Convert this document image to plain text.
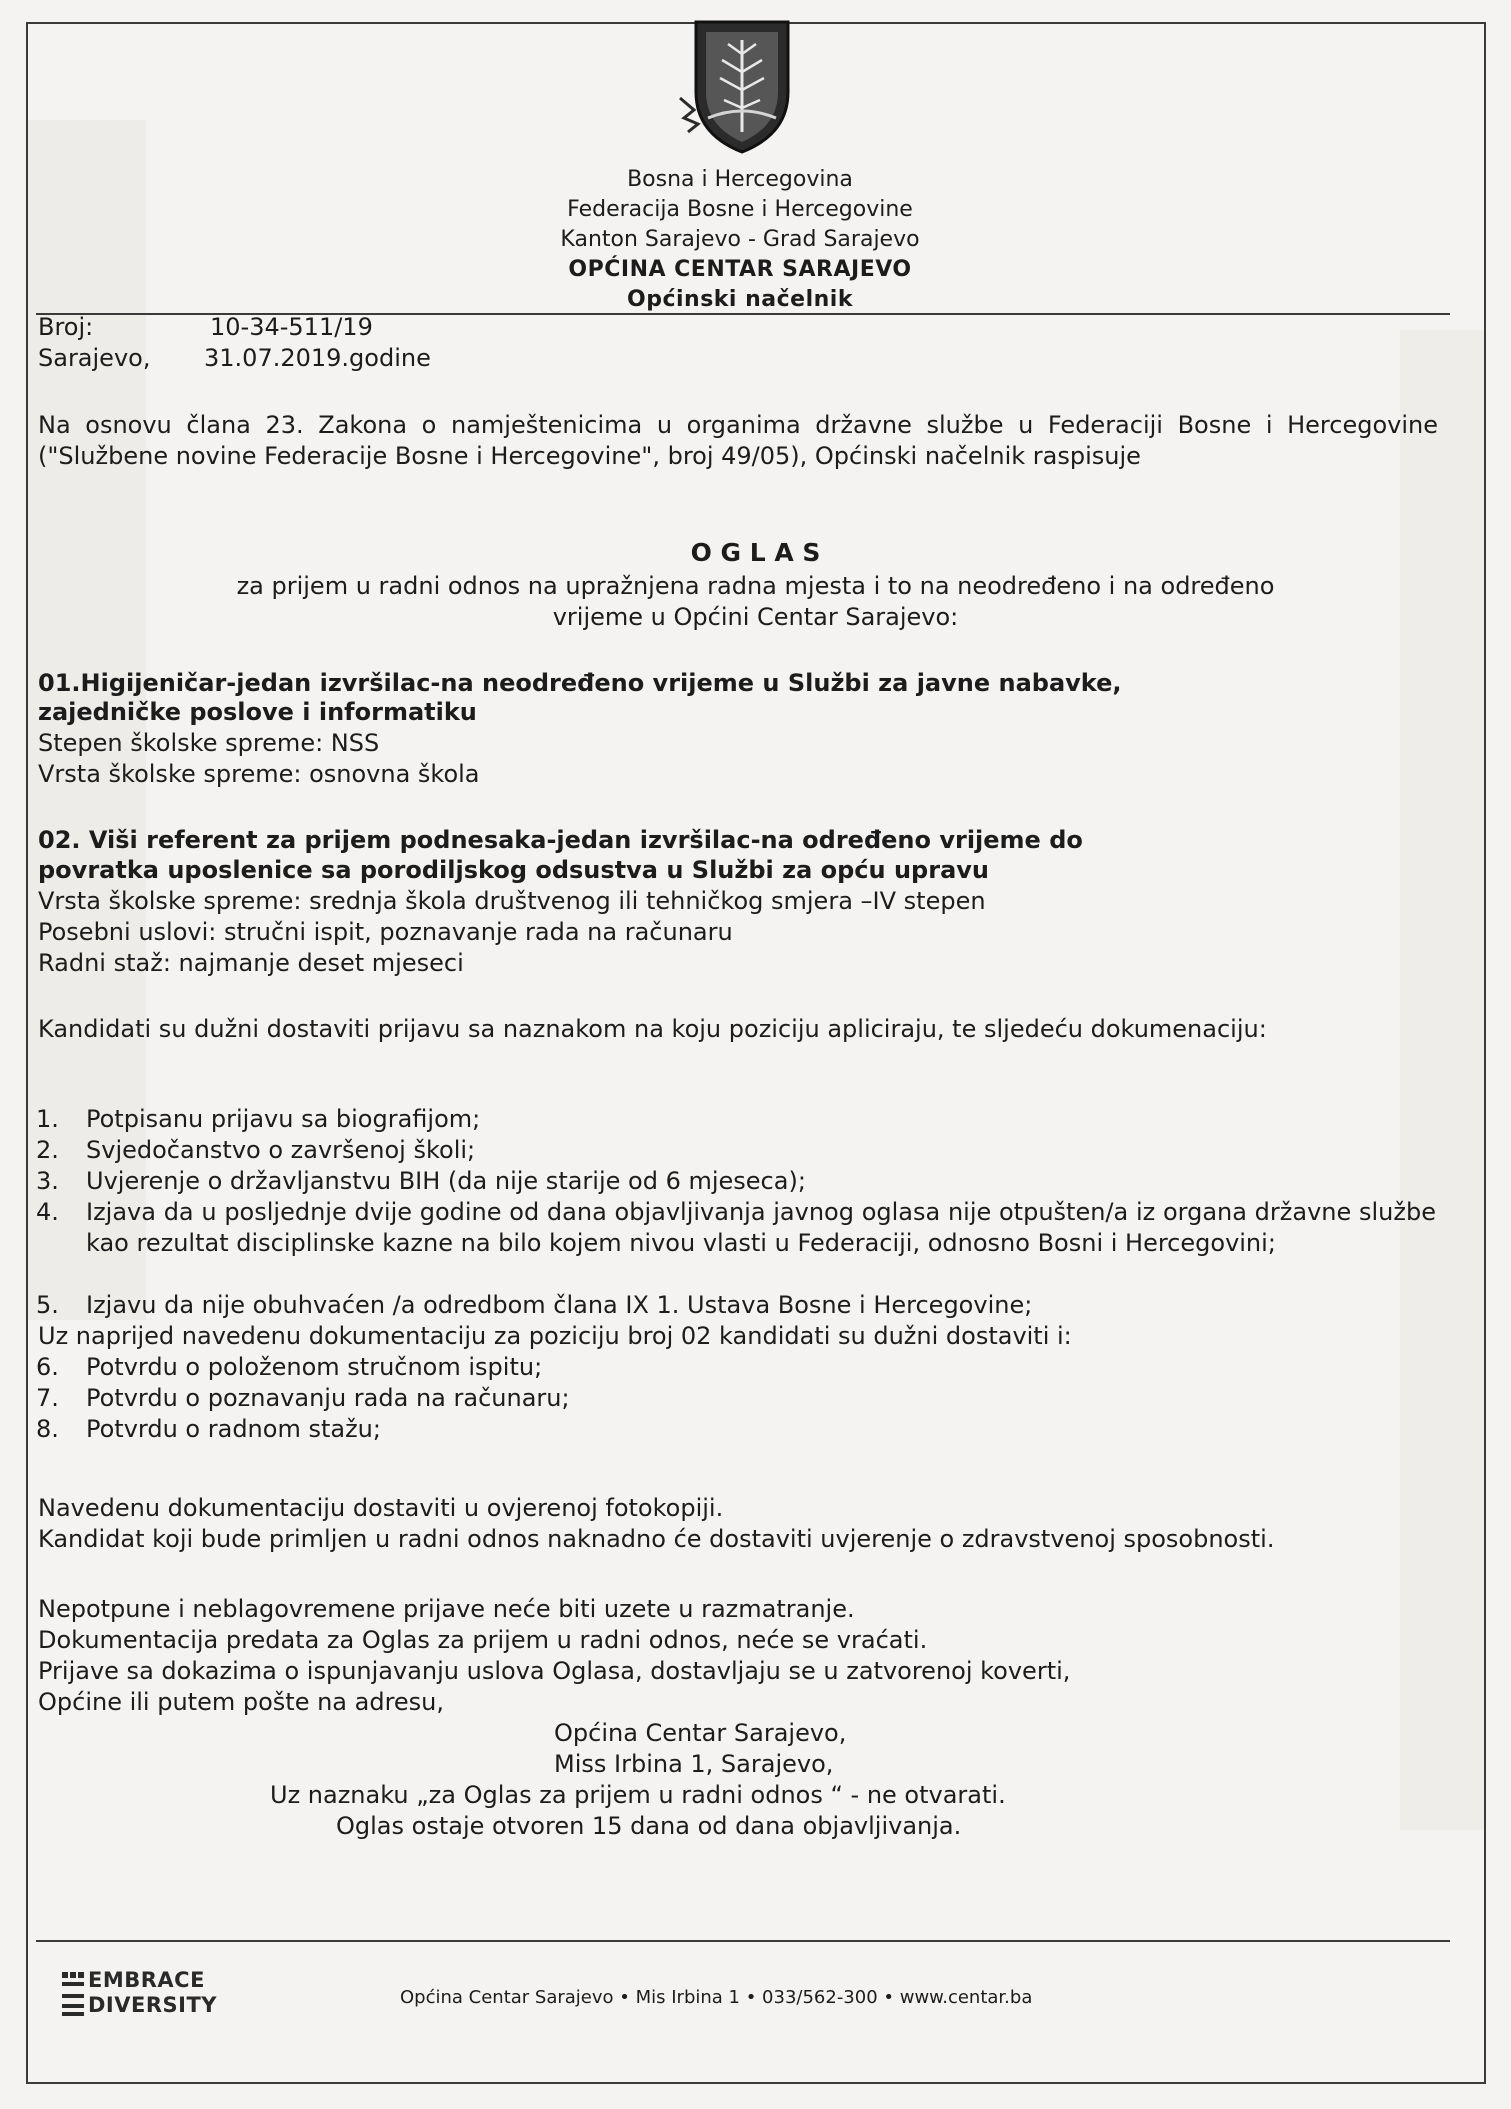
Bosna i Hercegovina
Federacija Bosne i Hercegovine
Kanton Sarajevo - Grad Sarajevo
OPĆINA CENTAR SARAJEVO
Općinski načelnik
Broj:	10-34-511/19
Sarajevo, 31.07.2019.godine
Na osnovu člana 23. Zakona o namještenicima u organima državne službe u Federaciji Bosne i Hercegovine ("Službene novine Federacije Bosne i Hercegovine", broj 49/05), Općinski načelnik raspisuje
O G L A S
za prijem u radni odnos na upražnjena radna mjesta i to na neodređeno i na određeno
vrijeme u Općini Centar Sarajevo:
01.Higijeničar-jedan izvršilac-na neodređeno vrijeme u Službi za javne nabavke,
zajedničke poslove i informatiku
Stepen školske spreme: NSS
Vrsta školske spreme: osnovna škola
02. Viši referent za prijem podnesaka-jedan izvršilac-na određeno vrijeme do
povratka uposlenice sa porodiljskog odsustva u Službi za opću upravu
Vrsta školske spreme: srednja škola društvenog ili tehničkog smjera –IV stepen
Posebni uslovi: stručni ispit, poznavanje rada na računaru
Radni staž: najmanje deset mjeseci
Kandidati su dužni dostaviti prijavu sa naznakom na koju poziciju apliciraju, te sljedeću dokumenaciju:
1. Potpisanu prijavu sa biografijom;
2. Svjedočanstvo o završenoj školi;
3. Uvjerenje o državljanstvu BIH (da nije starije od 6 mjeseca);
4. Izjava da u posljednje dvije godine od dana objavljivanja javnog oglasa nije otpušten/a iz organa državne službe kao rezultat disciplinske kazne na bilo kojem nivou vlasti u Federaciji, odnosno Bosni i Hercegovini;
5. Izjavu da nije obuhvaćen /a odredbom člana IX 1. Ustava Bosne i Hercegovine;
Uz naprijed navedenu dokumentaciju za poziciju broj 02 kandidati su dužni dostaviti i:
6. Potvrdu o položenom stručnom ispitu;
7. Potvrdu o poznavanju rada na računaru;
8. Potvrdu o radnom stažu;
Navedenu dokumentaciju dostaviti u ovjerenoj fotokopiji.
Kandidat koji bude primljen u radni odnos naknadno će dostaviti uvjerenje o zdravstvenoj sposobnosti.
Nepotpune i neblagovremene prijave neće biti uzete u razmatranje.
Dokumentacija predata za Oglas za prijem u radni odnos, neće se vraćati.
Prijave sa dokazima o ispunjavanju uslova Oglasa, dostavljaju se u zatvorenoj koverti,
Općine ili putem pošte na adresu,
Općina Centar Sarajevo,
Miss Irbina 1, Sarajevo,
Uz naznaku „za Oglas za prijem u radni odnos “ - ne otvarati.
Oglas ostaje otvoren 15 dana od dana objavljivanja.
EMBRACE
DIVERSITY	Općina Centar Sarajevo • Mis Irbina 1 • 033/562-300 • www.centar.ba
